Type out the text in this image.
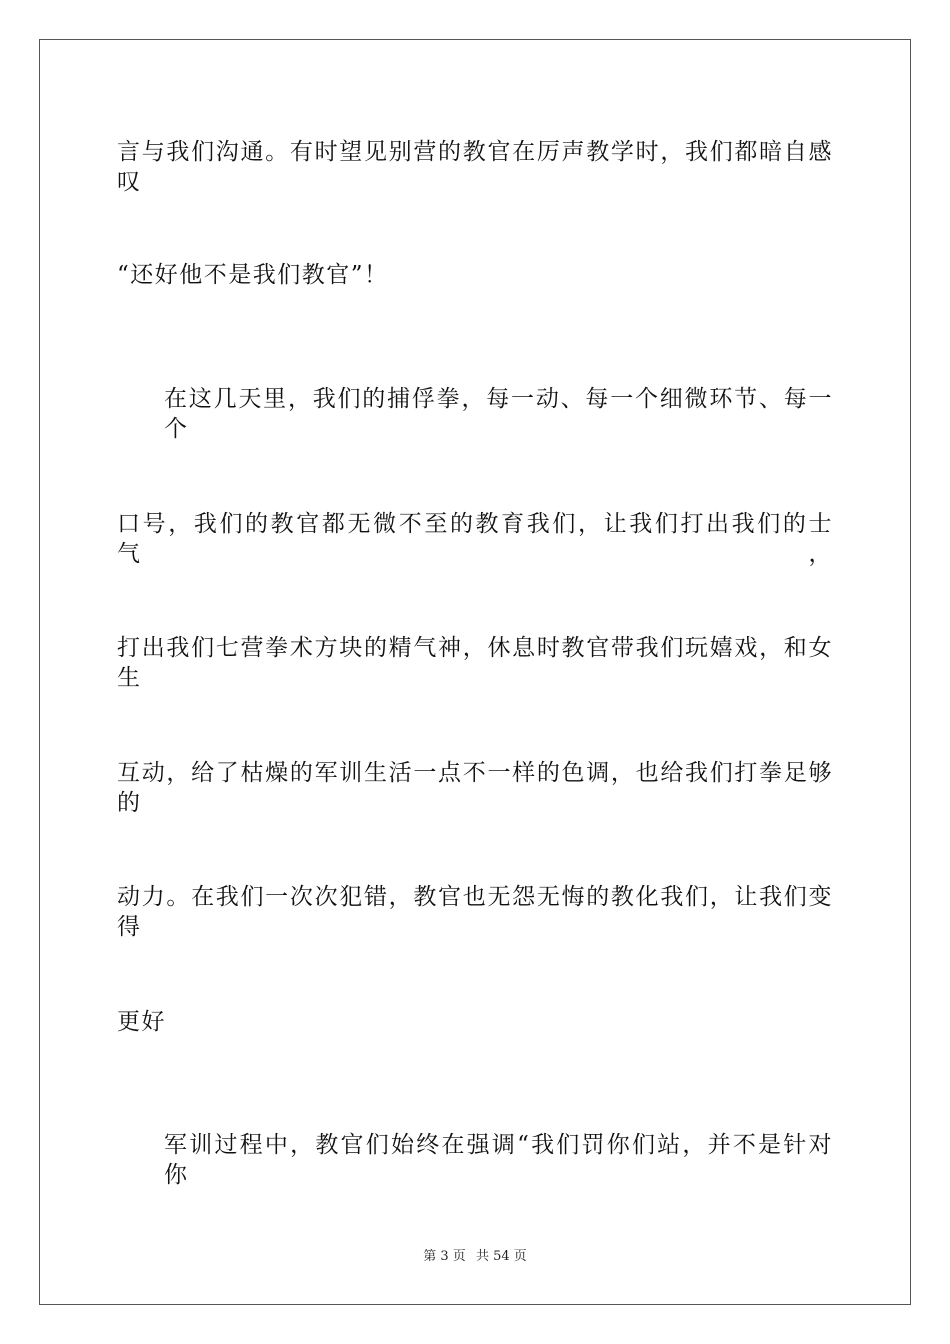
言与我们沟通。有时望见别营的教官在厉声教学时，我们都暗自感叹
“还好他不是我们教官”！
在这几天里，我们的捕俘拳，每一动、每一个细微环节、每一个
口号，我们的教官都无微不至的教育我们，让我们打出我们的士气，
打出我们七营拳术方块的精气神，休息时教官带我们玩嬉戏，和女生
互动，给了枯燥的军训生活一点不一样的色调，也给我们打拳足够的
动力。在我们一次次犯错，教官也无怨无悔的教化我们，让我们变得
更好
军训过程中，教官们始终在强调“我们罚你们站，并不是针对你
第 3 页 共 54 页
